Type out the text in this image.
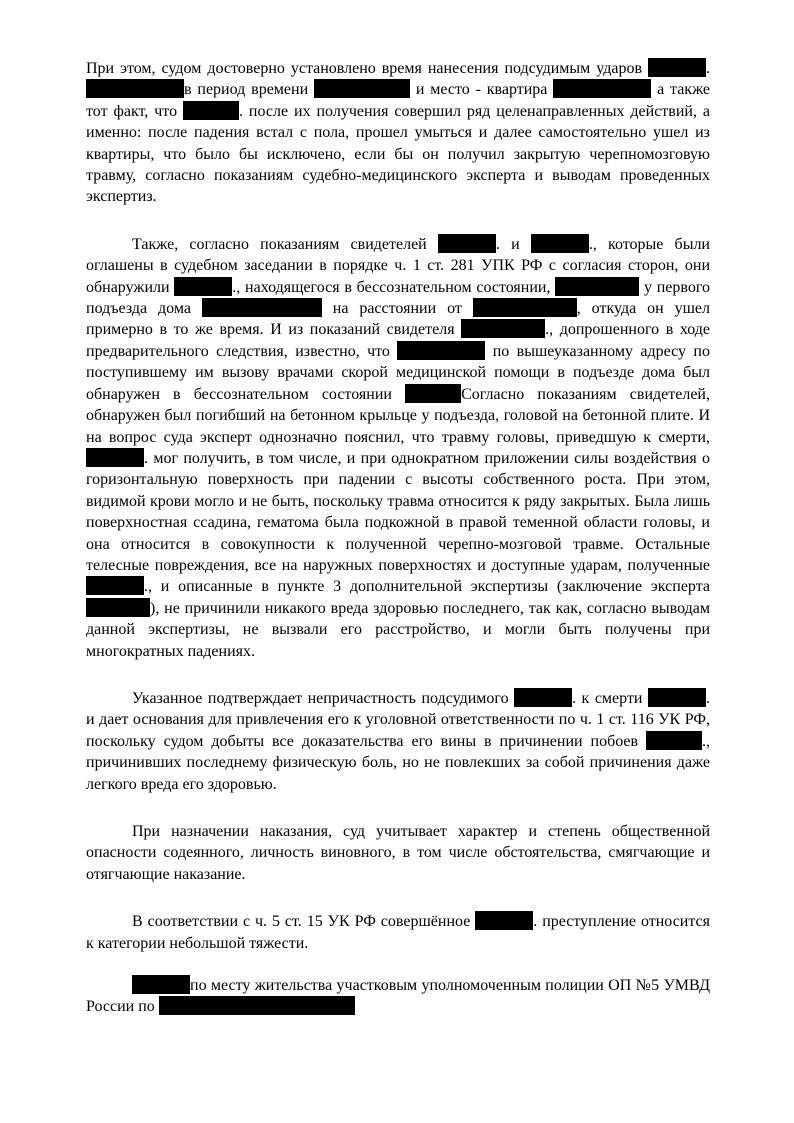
При этом, судом достоверно установлено время нанесения подсудимым ударов	. в период времени	и место - квартира	а также тот факт, что	. после их получения совершил ряд целенаправленных действий, а именно: после падения встал с пола, прошел умыться и далее самостоятельно ушел из квартиры, что было бы исключено, если бы он получил закрытую черепномозговую травму, согласно показаниям судебно-медицинского эксперта и выводам проведенных экспертиз.

Также, согласно показаниям свидетелей	. и	., которые были оглашены в судебном заседании в порядке ч. 1 ст. 281 УПК РФ с согласия сторон, они обнаружили	., находящегося в бессознательном состоянии,	у первого подъезда дома	на расстоянии от	, откуда он ушел примерно в то же время. И из показаний свидетеля	., допрошенного в ходе предварительного следствия, известно, что	по вышеуказанному адресу по поступившему им вызову врачами скорой медицинской помощи в подъезде дома был обнаружен в бессознательном состоянии	Согласно показаниям свидетелей, обнаружен был погибший на бетонном крыльце у подъезда, головой на бетонной плите. И на вопрос суда эксперт однозначно пояснил, что травму головы, приведшую к смерти, . мог получить, в том числе, и при однократном приложении силы воздействия о горизонтальную поверхность при падении с высоты собственного роста. При этом, видимой крови могло и не быть, поскольку травма относится к ряду закрытых. Была лишь поверхностная ссадина, гематома была подкожной в правой теменной области головы, и она относится в совокупности к полученной черепно-мозговой травме. Остальные телесные повреждения, все на наружных поверхностях и доступные ударам, полученные ., и описанные в пункте 3 дополнительной экспертизы (заключение эксперта ), не причинили никакого вреда здоровью последнего, так как, согласно выводам данной экспертизы, не вызвали его расстройство, и могли быть получены при многократных падениях.

Указанное подтверждает непричастность подсудимого	. к смерти	. и дает основания для привлечения его к уголовной ответственности по ч. 1 ст. 116 УК РФ, поскольку судом добыты все доказательства его вины в причинении побоев	., причинивших последнему физическую боль, но не повлекших за собой причинения даже легкого вреда его здоровью.

При назначении наказания, суд учитывает характер и степень общественной опасности содеянного, личность виновного, в том числе обстоятельства, смягчающие и отягчающие наказание.

В соответствии с ч. 5 ст. 15 УК РФ совершённое	. преступление относится к категории небольшой тяжести.

по месту жительства участковым уполномоченным полиции ОП №5 УМВД России по
